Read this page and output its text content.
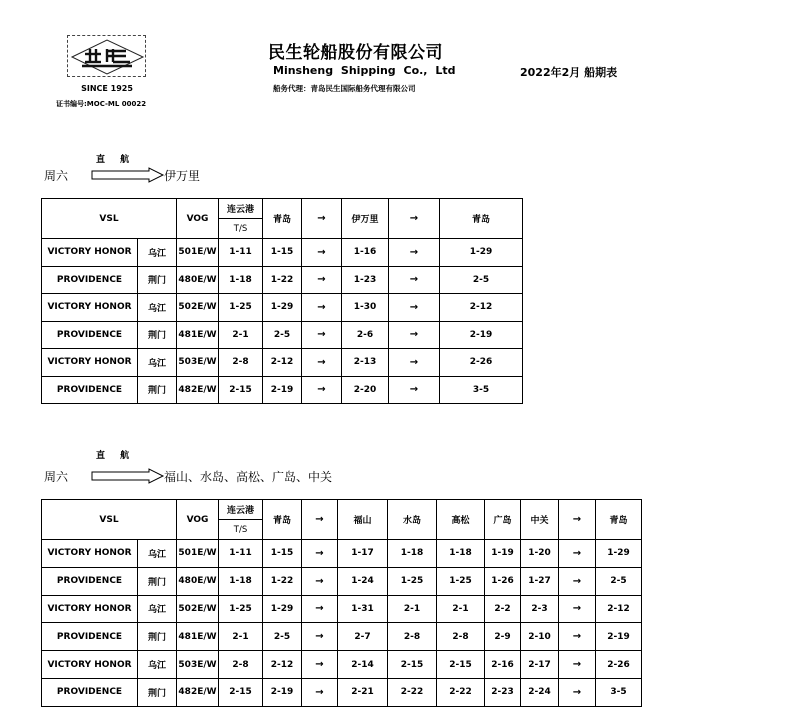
SINCE 1925
证书编号:MOC-ML 00022
民生轮船股份有限公司
Minsheng Shipping Co., Ltd
船务代理：青岛民生国际船务代理有限公司
2022年2月 船期表
直 航
周六	伊万里
VSL		VOG	连云港	青岛	→	伊万里	→	青岛
			T/S					
VICTORY HONOR	乌江	501E/W	1-11	1-15	→	1-16	→	1-29
PROVIDENCE	荆门	480E/W	1-18	1-22	→	1-23	→	2-5
VICTORY HONOR	乌江	502E/W	1-25	1-29	→	1-30	→	2-12
PROVIDENCE	荆门	481E/W	2-1	2-5	→	2-6	→	2-19
VICTORY HONOR	乌江	503E/W	2-8	2-12	→	2-13	→	2-26
PROVIDENCE	荆门	482E/W	2-15	2-19	→	2-20	→	3-5
直 航
周六	福山、水岛、高松、广岛、中关
VSL		VOG	连云港	青岛	→	福山	水岛	高松	广岛	中关	→	青岛
			T/S									
VICTORY HONOR	乌江	501E/W	1-11	1-15	→	1-17	1-18	1-18	1-19	1-20	→	1-29
PROVIDENCE	荆门	480E/W	1-18	1-22	→	1-24	1-25	1-25	1-26	1-27	→	2-5
VICTORY HONOR	乌江	502E/W	1-25	1-29	→	1-31	2-1	2-1	2-2	2-3	→	2-12
PROVIDENCE	荆门	481E/W	2-1	2-5	→	2-7	2-8	2-8	2-9	2-10	→	2-19
VICTORY HONOR	乌江	503E/W	2-8	2-12	→	2-14	2-15	2-15	2-16	2-17	→	2-26
PROVIDENCE	荆门	482E/W	2-15	2-19	→	2-21	2-22	2-22	2-23	2-24	→	3-5
